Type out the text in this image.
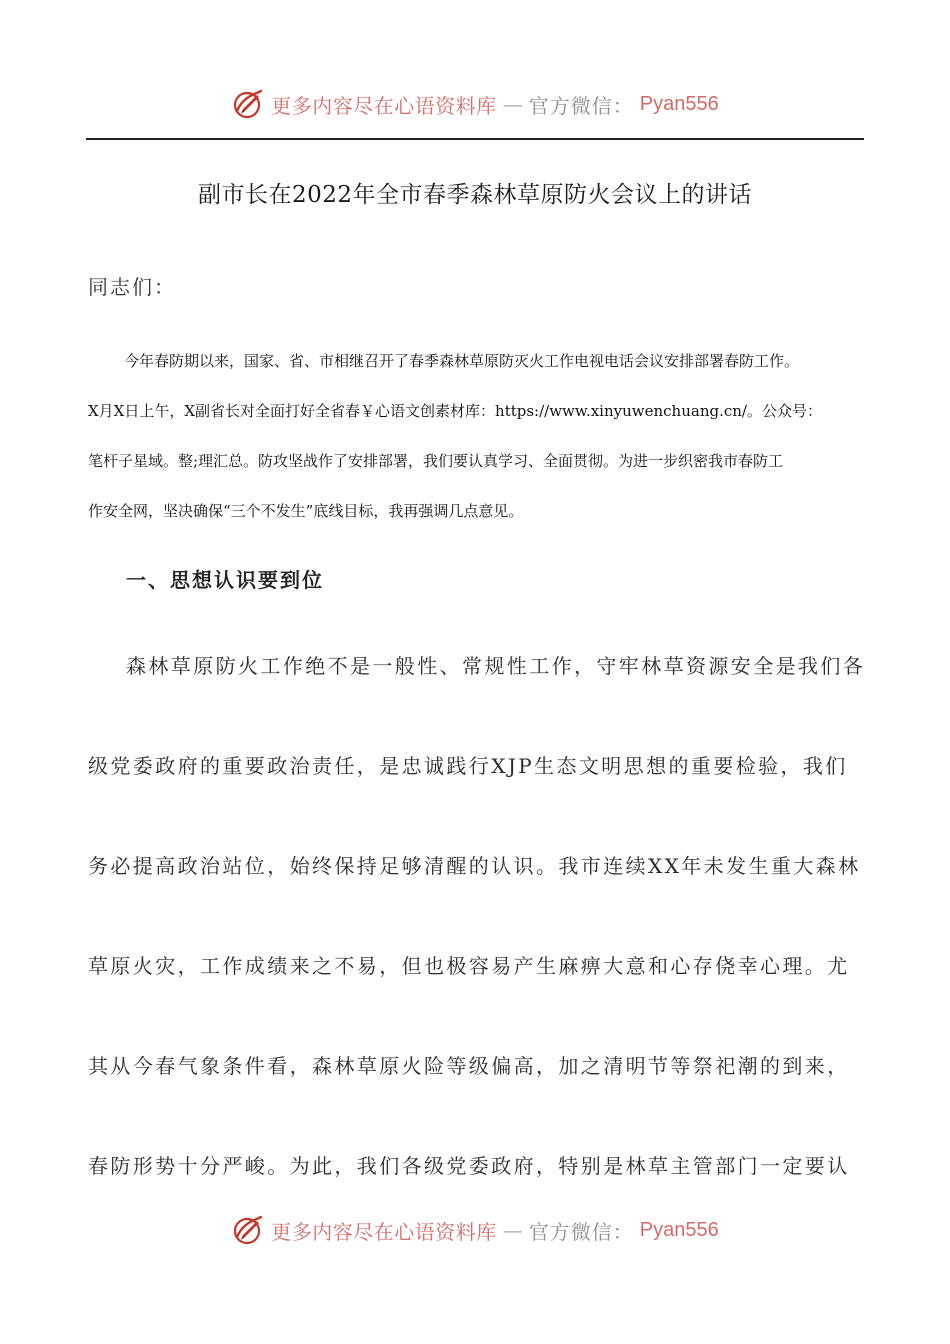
更多内容尽在心语资料库 — 官方微信： Pyan556
副市长在2022年全市春季森林草原防火会议上的讲话
同志们：
今年春防期以来，国家、省、市相继召开了春季森林草原防灭火工作电视电话会议安排部署春防工作。
X月X日上午，X副省长对全面打好全省春￥心语文创素材库：https://www.xinyuwenchuang.cn/。公众号：
笔杆子星域。整;理汇总。防攻坚战作了安排部署，我们要认真学习、全面贯彻。为进一步织密我市春防工
作安全网，坚决确保“三个不发生”底线目标，我再强调几点意见。
一、思想认识要到位
森林草原防火工作绝不是一般性、常规性工作，守牢林草资源安全是我们各
级党委政府的重要政治责任，是忠诚践行XJP生态文明思想的重要检验，我们
务必提高政治站位，始终保持足够清醒的认识。我市连续XX年未发生重大森林
草原火灾，工作成绩来之不易，但也极容易产生麻痹大意和心存侥幸心理。尤
其从今春气象条件看，森林草原火险等级偏高，加之清明节等祭祀潮的到来，
春防形势十分严峻。为此，我们各级党委政府，特别是林草主管部门一定要认
更多内容尽在心语资料库 — 官方微信： Pyan556
